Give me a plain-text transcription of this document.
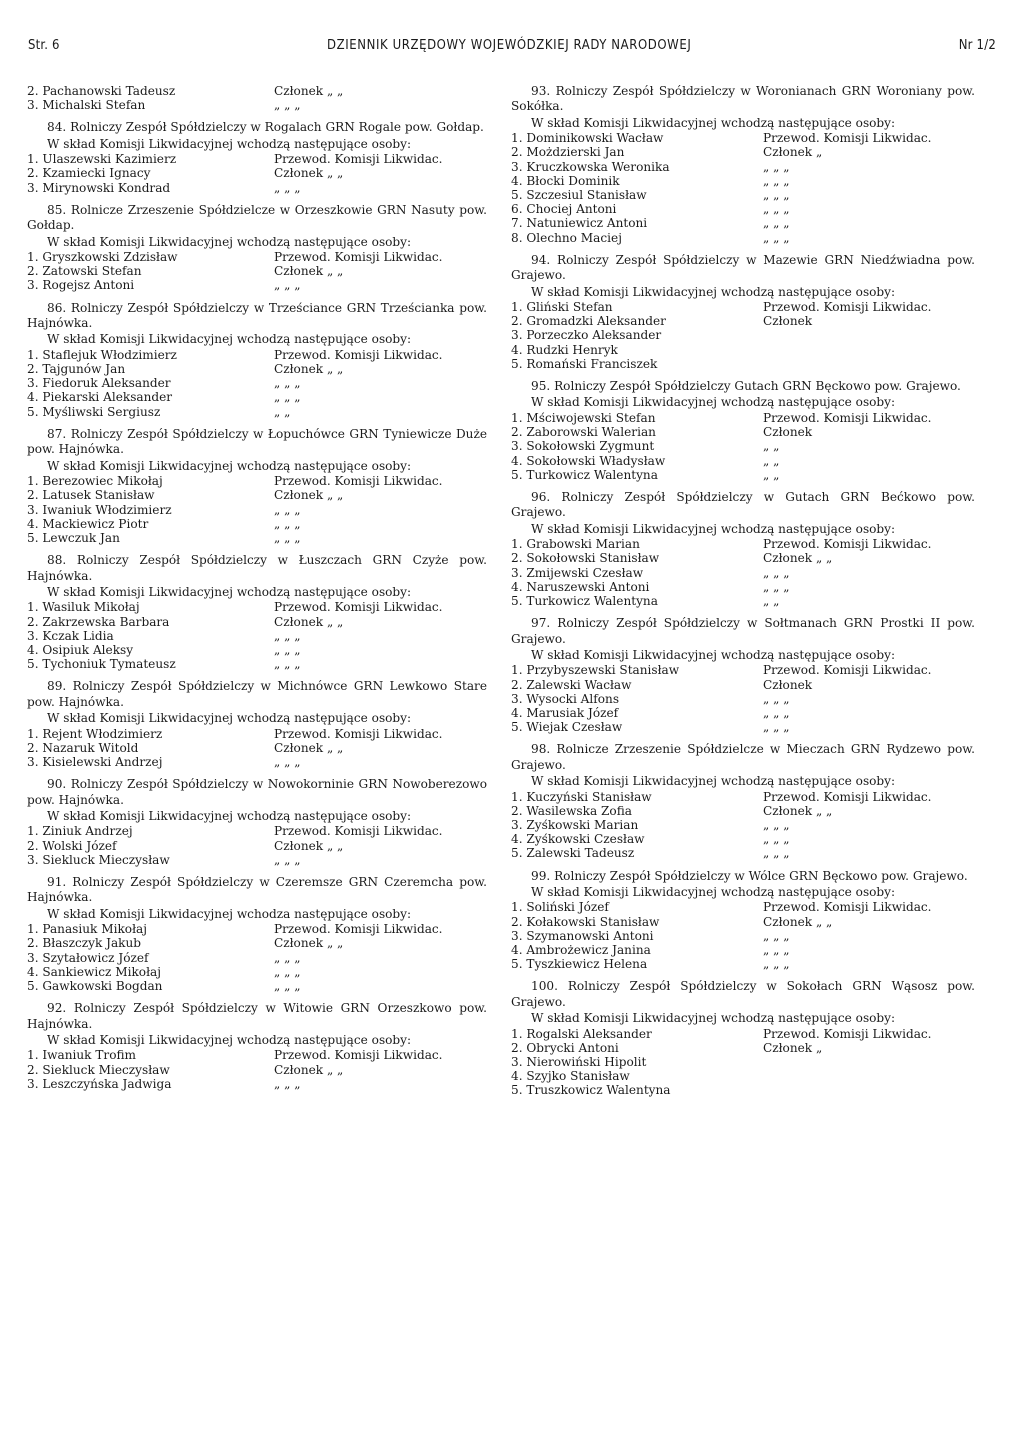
Str. 6	DZIENNIK URZĘDOWY WOJEWÓDZKIEJ RADY NARODOWEJ	Nr 1/2
2. Pachanowski Tadeusz	Członek „ „
3. Michalski Stefan	„ „ „

84. Rolniczy Zespół Spółdzielczy w Rogalach GRN Rogale pow. Gołdap.

W skład Komisji Likwidacyjnej wchodzą następujące osoby:

1. Ulaszewski Kazimierz	Przewod. Komisji Likwidac.
2. Kzamiecki Ignacy	Członek „ „
3. Mirynowski Kondrad	„ „ „

85. Rolnicze Zrzeszenie Spółdzielcze w Orzeszkowie GRN Nasuty pow. Gołdap.

W skład Komisji Likwidacyjnej wchodzą następujące osoby:

1. Gryszkowski Zdzisław	Przewod. Komisji Likwidac.
2. Zatowski Stefan	Członek „ „
3. Rogejsz Antoni	„ „ „

86. Rolniczy Zespół Spółdzielczy w Trześciance GRN Trześcianka pow. Hajnówka.

W skład Komisji Likwidacyjnej wchodzą następujące osoby:

1. Staflejuk Włodzimierz	Przewod. Komisji Likwidac.
2. Tajgunów Jan	Członek „ „
3. Fiedoruk Aleksander	„ „ „
4. Piekarski Aleksander	„ „ „
5. Myśliwski Sergiusz	„ „

87. Rolniczy Zespół Spółdzielczy w Łopuchówce GRN Tyniewicze Duże pow. Hajnówka.

W skład Komisji Likwidacyjnej wchodzą następujące osoby:

1. Berezowiec Mikołaj	Przewod. Komisji Likwidac.
2. Latusek Stanisław	Członek „ „
3. Iwaniuk Włodzimierz	„ „ „
4. Mackiewicz Piotr	„ „ „
5. Lewczuk Jan	„ „ „

88. Rolniczy Zespół Spółdzielczy w Łuszczach GRN Czyże pow. Hajnówka.

W skład Komisji Likwidacyjnej wchodzą następujące osoby:

1. Wasiluk Mikołaj	Przewod. Komisji Likwidac.
2. Zakrzewska Barbara	Członek „ „
3. Kczak Lidia	„ „ „
4. Osipiuk Aleksy	„ „ „
5. Tychoniuk Tymateusz	„ „ „

89. Rolniczy Zespół Spółdzielczy w Michnówce GRN Lewkowo Stare pow. Hajnówka.

W skład Komisji Likwidacyjnej wchodzą następujące osoby:

1. Rejent Włodzimierz	Przewod. Komisji Likwidac.
2. Nazaruk Witold	Członek „ „
3. Kisielewski Andrzej	„ „ „

90. Rolniczy Zespół Spółdzielczy w Nowokorninie GRN Nowoberezowo pow. Hajnówka.

W skład Komisji Likwidacyjnej wchodzą następujące osoby:

1. Ziniuk Andrzej	Przewod. Komisji Likwidac.
2. Wolski Józef	Członek „ „
3. Siekluck Mieczysław	„ „ „

91. Rolniczy Zespół Spółdzielczy w Czeremsze GRN Czeremcha pow. Hajnówka.

W skład Komisji Likwidacyjnej wchodza następujące osoby:

1. Panasiuk Mikołaj	Przewod. Komisji Likwidac.
2. Błaszczyk Jakub	Członek „ „
3. Szytałowicz Józef	„ „ „
4. Sankiewicz Mikołaj	„ „ „
5. Gawkowski Bogdan	„ „ „

92. Rolniczy Zespół Spółdzielczy w Witowie GRN Orzeszkowo pow. Hajnówka.

W skład Komisji Likwidacyjnej wchodzą następujące osoby:

1. Iwaniuk Trofim	Przewod. Komisji Likwidac.
2. Siekluck Mieczysław	Członek „ „
3. Leszczyńska Jadwiga	„ „ „

93. Rolniczy Zespół Spółdzielczy w Woronianach GRN Woroniany pow. Sokółka.

W skład Komisji Likwidacyjnej wchodzą następujące osoby:

1. Dominikowski Wacław	Przewod. Komisji Likwidac.
2. Możdzierski Jan	Członek „
3. Kruczkowska Weronika	„ „ „
4. Błocki Dominik	„ „ „
5. Szczesiul Stanisław	„ „ „
6. Chociej Antoni	„ „ „
7. Natuniewicz Antoni	„ „ „
8. Olechno Maciej	„ „ „

94. Rolniczy Zespół Spółdzielczy w Mazewie GRN Niedźwiadna pow. Grajewo.

W skład Komisji Likwidacyjnej wchodzą następujące osoby:

1. Gliński Stefan	Przewod. Komisji Likwidac.
2. Gromadzki Aleksander	Członek
3. Porzeczko Aleksander
4. Rudzki Henryk
5. Romański Franciszek

95. Rolniczy Zespół Spółdzielczy Gutach GRN Bęckowo pow. Grajewo.

W skład Komisji Likwidacyjnej wchodzą następujące osoby:

1. Mściwojewski Stefan	Przewod. Komisji Likwidac.
2. Zaborowski Walerian	Członek
3. Sokołowski Zygmunt	„ „
4. Sokołowski Władysław	„ „
5. Turkowicz Walentyna	„ „

96. Rolniczy Zespół Spółdzielczy w Gutach GRN Bećkowo pow. Grajewo.

W skład Komisji Likwidacyjnej wchodzą następujące osoby:

1. Grabowski Marian	Przewod. Komisji Likwidac.
2. Sokołowski Stanisław	Członek „ „
3. Zmijewski Czesław	„ „ „
4. Naruszewski Antoni	„ „ „
5. Turkowicz Walentyna	„ „

97. Rolniczy Zespół Spółdzielczy w Sołtmanach GRN Prostki II pow. Grajewo.

W skład Komisji Likwidacyjnej wchodzą następujące osoby:

1. Przybyszewski Stanisław	Przewod. Komisji Likwidac.
2. Zalewski Wacław	Członek
3. Wysocki Alfons	„ „ „
4. Marusiak Józef	„ „ „
5. Wiejak Czesław	„ „ „

98. Rolnicze Zrzeszenie Spółdzielcze w Mieczach GRN Rydzewo pow. Grajewo.

W skład Komisji Likwidacyjnej wchodzą następujące osoby:

1. Kuczyński Stanisław	Przewod. Komisji Likwidac.
2. Wasilewska Zofia	Członek „ „
3. Zyśkowski Marian	„ „ „
4. Zyśkowski Czesław	„ „ „
5. Zalewski Tadeusz	„ „ „

99. Rolniczy Zespół Spółdzielczy w Wólce GRN Bęckowo pow. Grajewo.

W skład Komisji Likwidacyjnej wchodzą następujące osoby:

1. Soliński Józef	Przewod. Komisji Likwidac.
2. Kołakowski Stanisław	Członek „ „
3. Szymanowski Antoni	„ „ „
4. Ambrożewicz Janina	„ „ „
5. Tyszkiewicz Helena	„ „ „

100. Rolniczy Zespół Spółdzielczy w Sokołach GRN Wąsosz pow. Grajewo.

W skład Komisji Likwidacyjnej wchodzą następujące osoby:

1. Rogalski Aleksander	Przewod. Komisji Likwidac.
2. Obrycki Antoni	Członek „
3. Nierowiński Hipolit
4. Szyjko Stanisław
5. Truszkowicz Walentyna
